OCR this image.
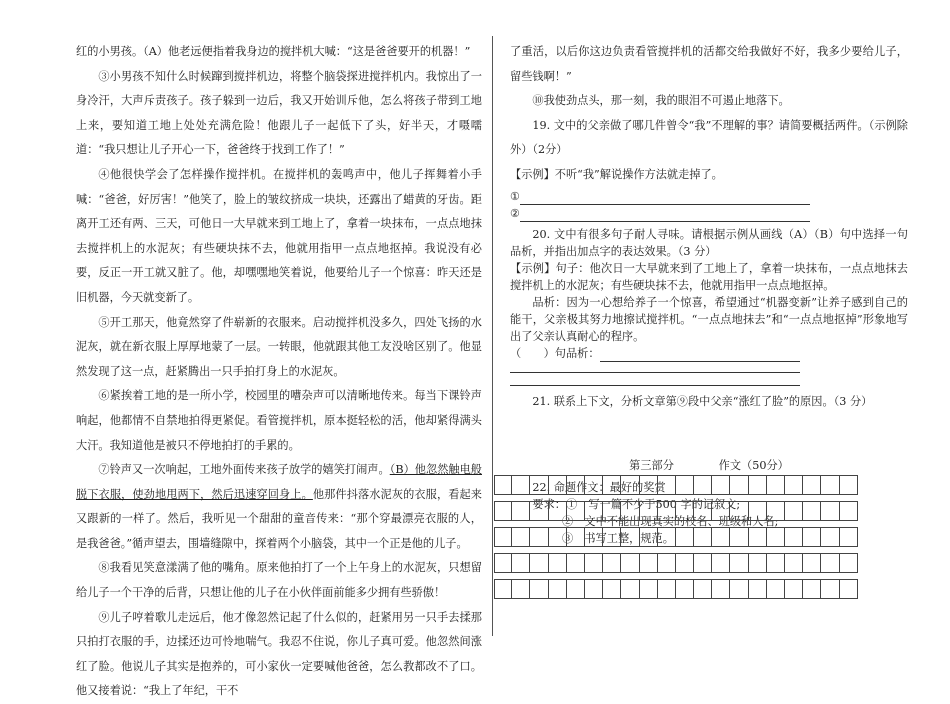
红的小男孩。（A）他老远便指着我身边的搅拌机大喊：“这是爸爸要开的机器！”

③小男孩不知什么时候蹿到搅拌机边，将整个脑袋探进搅拌机内。我惊出了一身冷汗，大声斥责孩子。孩子躲到一边后，我又开始训斥他，怎么将孩子带到工地上来，要知道工地上处处充满危险！他跟儿子一起低下了头，好半天，才嗫嚅道：“我只想让儿子开心一下，爸爸终于找到工作了！”

④他很快学会了怎样操作搅拌机。在搅拌机的轰鸣声中，他儿子挥舞着小手喊：“爸爸，好厉害！”他笑了，脸上的皱纹挤成一块块，还露出了蜡黄的牙齿。距离开工还有两、三天，可他日一大早就来到工地上了，拿着一块抹布，一点点地抹去搅拌机上的水泥灰；有些硬块抹不去，他就用指甲一点点地抠掉。我说没有必要，反正一开工就又脏了。他，却嘿嘿地笑着说，他要给儿子一个惊喜：昨天还是旧机器，今天就变新了。

⑤开工那天，他竟然穿了件崭新的衣服来。启动搅拌机没多久，四处飞扬的水泥灰，就在新衣服上厚厚地蒙了一层。一转眼，他就跟其他工友没啥区别了。他显然发现了这一点，赶紧腾出一只手拍打身上的水泥灰。

⑥紧挨着工地的是一所小学，校园里的嘈杂声可以清晰地传来。每当下课铃声响起，他都情不自禁地拍得更紧促。看管搅拌机，原本挺轻松的活，他却紧得满头大汗。我知道他是被只不停地拍打的手累的。

⑦铃声又一次响起，工地外面传来孩子放学的嬉笑打闹声。（B）他忽然触电般脱下衣服，使劲地甩两下，然后迅速穿回身上。他那件抖落水泥灰的衣服，看起来又跟新的一样了。然后，我听见一个甜甜的童音传来：“那个穿最漂亮衣服的人，是我爸爸。”循声望去，围墙缝隙中，探着两个小脑袋，其中一个正是他的儿子。

⑧我看见笑意漾满了他的嘴角。原来他拍打了一个上午身上的水泥灰，只想留给儿子一个干净的后背，只想让他的儿子在小伙伴面前能多少拥有些骄傲！

⑨儿子哼着歌儿走远后，他才像忽然记起了什么似的，赶紧用另一只手去揉那只拍打衣服的手，边揉还边可怜地喘气。我忍不住说，你儿子真可爱。他忽然间涨红了脸。他说儿子其实是抱养的，可小家伙一定要喊他爸爸，怎么教都改不了口。他又接着说：“我上了年纪，干不

了重活，以后你这边负责看管搅拌机的活都交给我做好不好，我多少要给儿子，留些钱啊！”

⑩我使劲点头，那一刻，我的眼泪不可遏止地落下。

19. 文中的父亲做了哪几件曾令“我”不理解的事？请简要概括两件。（示例除外）（2分）

【示例】不听“我”解说操作方法就走掉了。

①

②

20. 文中有很多句子耐人寻味。请根据示例从画线（A）（B）句中选择一句品析，并指出加点字的表达效果。（3 分）

【示例】句子：他次日一大早就来到了工地上了，拿着一块抹布，一点点地抹去搅拌机上的水泥灰；有些硬块抹不去，他就用指甲一点点地抠掉。

品析：因为一心想给养子一个惊喜，希望通过“机器变新”让养子感到自己的能干，父亲极其努力地擦试搅拌机。“一点点地抹去”和“一点点地抠掉”形象地写出了父亲认真耐心的程序。

（　　）句品析：

21. 联系上下文，分析文章第⑨段中父亲“涨红了脸”的原因。（3 分）

第三部分　　　　	作文（50分）

22. 命题作文：最好的奖赏

要求：①　写一篇不少于500 字的记叙文;

②　文中不能出现真实的校名、班级和人名;

③　书写工整，规范。
